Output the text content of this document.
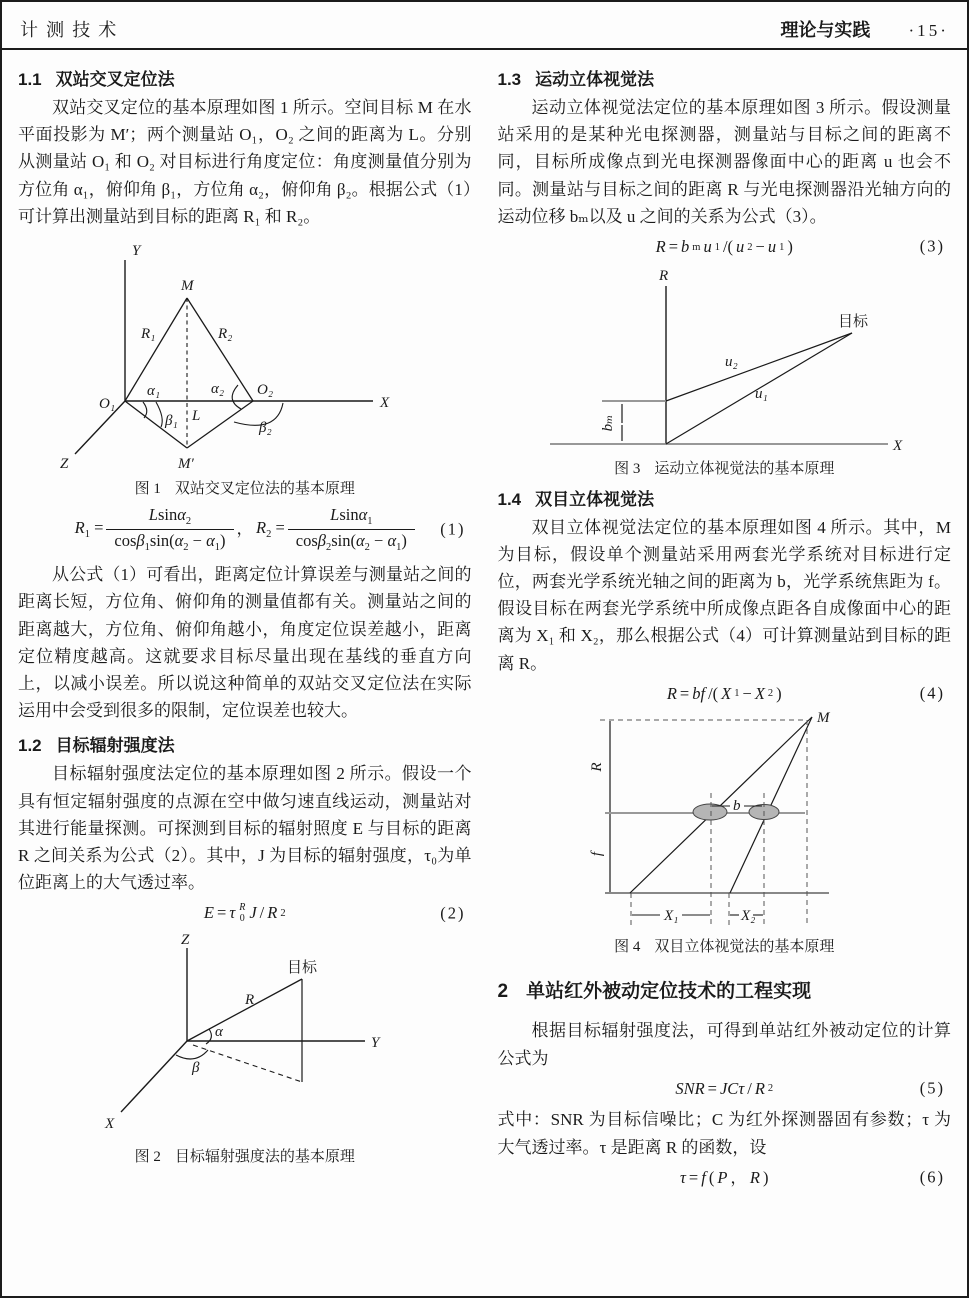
计测技术	理论与实践 ·15·
1.1 双站交叉定位法

双站交叉定位的基本原理如图 1 所示。空间目标 M 在水平面投影为 M′；两个测量站 O₁，O₂ 之间的距离为 L。分别从测量站 O₁ 和 O₂ 对目标进行角度定位：角度测量值分别为方位角 α₁，俯仰角 β₁，方位角 α₂，俯仰角 β₂。根据公式（1）可计算出测量站到目标的距离 R₁ 和 R₂。

Y
X
Z
M
M′
O₁
O₂
R₁	R₂
α₁	α₂
β₁	β₂
L
图 1 双站交叉定位法的基本原理
$R_1 = \frac{Lsin\alpha_2}{\cos\beta_1\sin(\alpha_2 - \alpha_1)}$ ， $R_2 = \frac{Lsin\alpha_1}{\cos\beta_2\sin(\alpha_2 - \alpha_1)} (1)$

从公式（1）可看出，距离定位计算误差与测量站之间的距离长短，方位角、俯仰角的测量值都有关。测量站之间的距离越大，方位角、俯仰角越小，角度定位误差越小，距离定位精度越高。这就要求目标尽量出现在基线的垂直方向上，以减小误差。所以说这种简单的双站交叉定位法在实际运用中会受到很多的限制，定位误差也较大。

1.2 目标辐射强度法

目标辐射强度法定位的基本原理如图 2 所示。假设一个具有恒定辐射强度的点源在空中做匀速直线运动，测量站对其进行能量探测。可探测到目标的辐射照度 E 与目标的距离 R 之间关系为公式（2）。其中，J 为目标的辐射强度，τ₀为单位距离上的大气透过率。

E = τ R
0 J / R 2	(2)
Z
Y
X
R
α
β
目标
图 2 目标辐射强度法的基本原理
1.3 运动立体视觉法

运动立体视觉法定位的基本原理如图 3 所示。假设测量站采用的是某种光电探测器，测量站与目标之间的距离不同，目标所成像点到光电探测器像面中心的距离 u 也会不同。测量站与目标之间的距离 R 与光电探测器沿光轴方向的运动位移 bₘ以及 u 之间的关系为公式（3）。

R = b m u 1 /( u 2 − u 1 )	(3)
R
X
u₂
u₁
bₘ
目标
图 3 运动立体视觉法的基本原理
1.4 双目立体视觉法

双目立体视觉法定位的基本原理如图 4 所示。其中，M 为目标，假设单个测量站采用两套光学系统对目标进行定位，两套光学系统光轴之间的距离为 b，光学系统焦距为 f。假设目标在两套光学系统中所成像点距各自成像面中心的距离为 X₁ 和 X₂，那么根据公式（4）可计算测量站到目标的距离 R。

R = bf /( X 1 − X 2 )	(4)
M
R
f
b
X₁	X₂
图 4 双目立体视觉法的基本原理
2 单站红外被动定位技术的工程实现

根据目标辐射强度法，可得到单站红外被动定位的计算公式为

SNR = JCτ / R 2	(5)

式中：SNR 为目标信噪比；C 为红外探测器固有参数；τ 为大气透过率。τ 是距离 R 的函数，设

τ = f ( P ， R )	(6)
